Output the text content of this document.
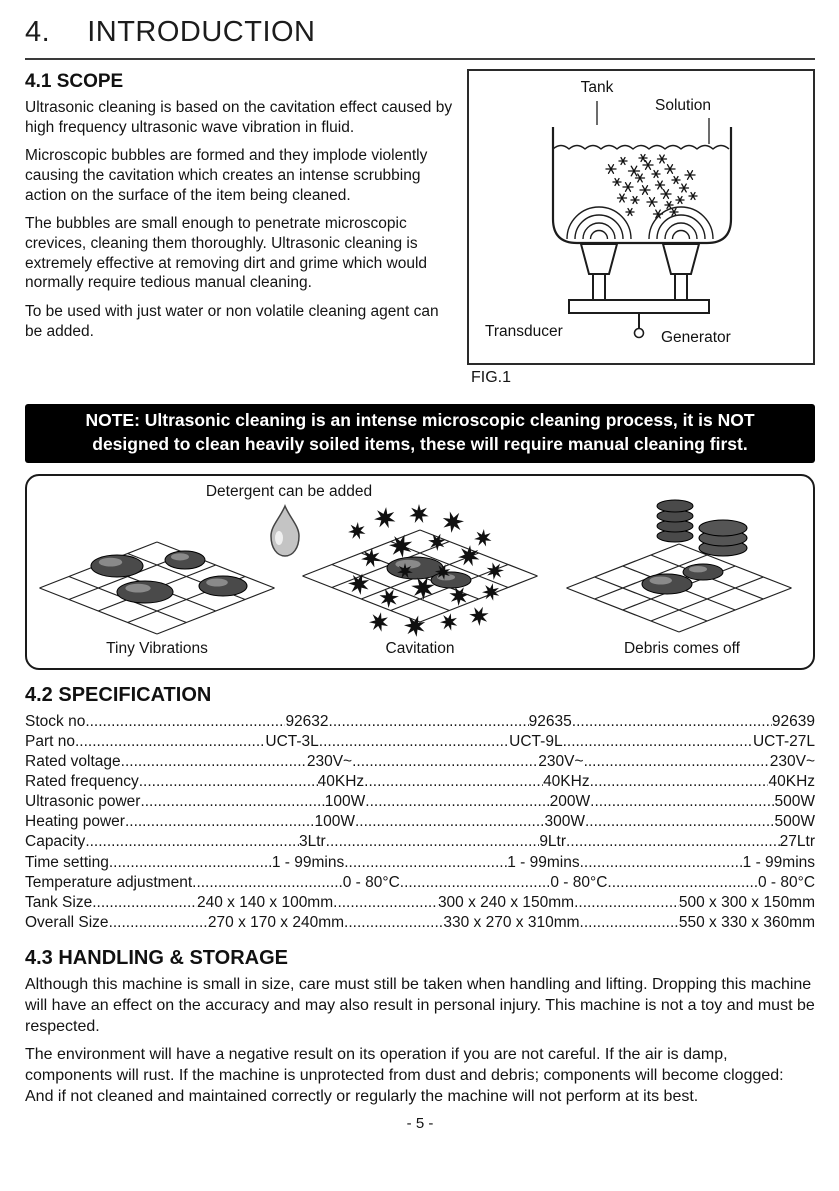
4. INTRODUCTION
4.1 SCOPE

Ultrasonic cleaning is based on the cavitation effect caused by high frequency ultrasonic wave vibration in fluid.

Microscopic bubbles are formed and they implode violently causing the cavitation which creates an intense scrubbing action on the surface of the item being cleaned.

The bubbles are small enough to penetrate microscopic crevices, cleaning them thoroughly. Ultrasonic cleaning is extremely effective at removing dirt and grime which would normally require tedious manual cleaning.

To be used with just water or non volatile cleaning agent can be added.

Tank
Solution
Transducer	Generator
FIG.1
NOTE: Ultrasonic cleaning is an intense microscopic cleaning process, it is NOT
designed to clean heavily soiled items, these will require manual cleaning first.
Detergent can be added
Tiny Vibrations	Cavitation	Debris comes off
4.2 SPECIFICATION
Stock no .....	92632 .....	92635 .....	92639
Part no .....	UCT-3L .....	UCT-9L .....	UCT-27L
Rated voltage .....	230V~ .....	230V~ .....	230V~
Rated frequency .....	40KHz .....	40KHz .....	40KHz
Ultrasonic power .....	100W .....	200W .....	500W
Heating power .....	100W .....	300W .....	500W
Capacity .....	3Ltr .....	9Ltr .....	27Ltr
Time setting .....	1 - 99mins .....	1 - 99mins .....	1 - 99mins
Temperature adjustment .....	0 - 80°C .....	0 - 80°C .....	0 - 80°C
Tank Size .....	240 x 140 x 100mm .....	300 x 240 x 150mm .....	500 x 300 x 150mm
Overall Size .....	270 x 170 x 240mm .....	330 x 270 x 310mm .....	550 x 330 x 360mm
4.3 HANDLING & STORAGE

Although this machine is small in size, care must still be taken when handling and lifting. Dropping this machine will have an effect on the accuracy and may also result in personal injury. This machine is not a toy and must be respected.

The environment will have a negative result on its operation if you are not careful. If the air is damp, components will rust. If the machine is unprotected from dust and debris; components will become clogged: And if not cleaned and maintained correctly or regularly the machine will not perform at its best.

- 5 -
